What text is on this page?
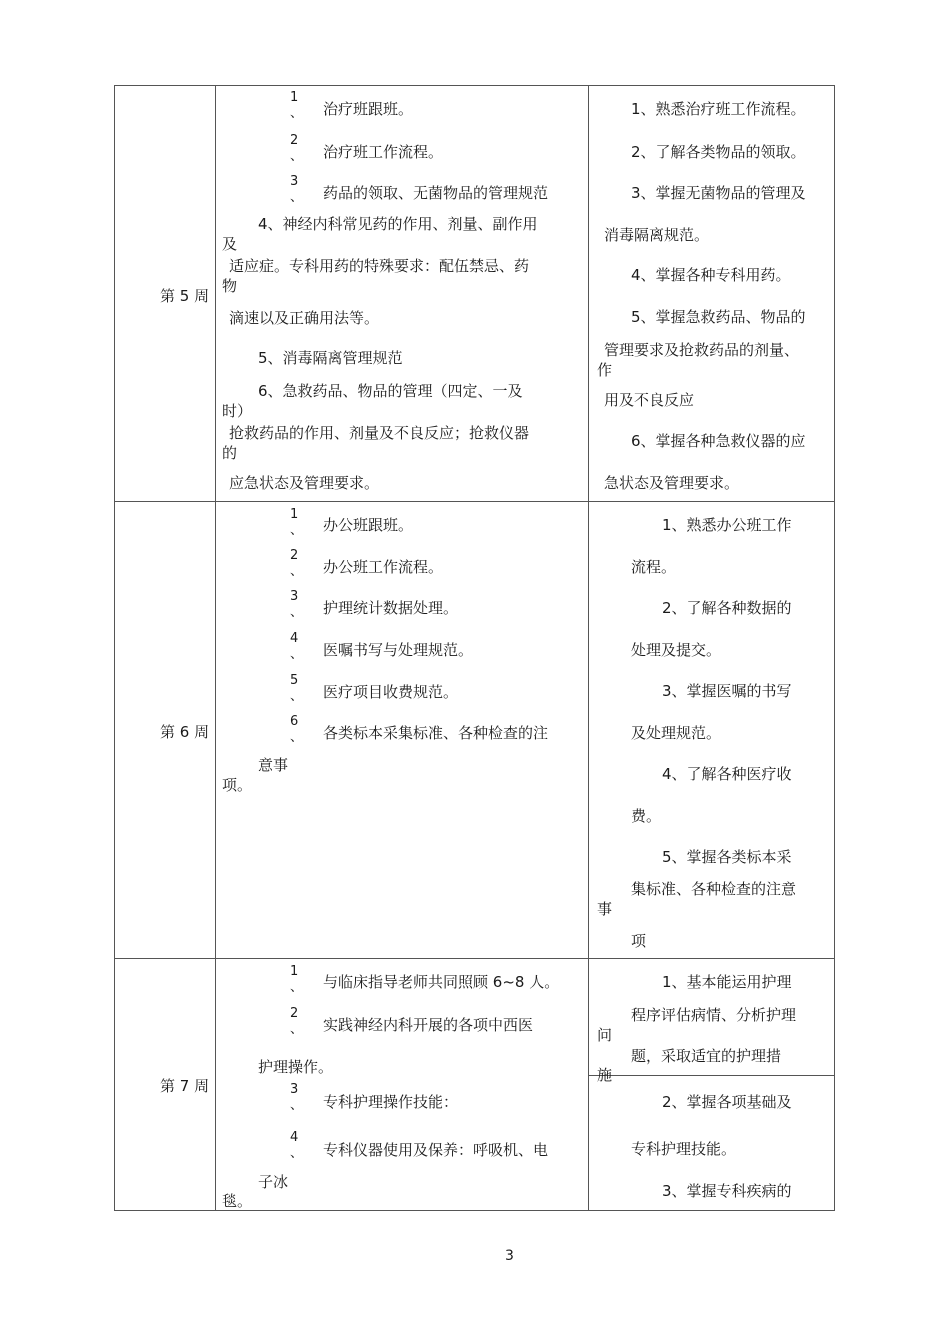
第 5 周
1
、 治疗班跟班。
2
、 治疗班工作流程。
3
、 药品的领取、无菌物品的管理规范
4、神经内科常见药的作用、剂量、副作用
及
适应症。专科用药的特殊要求：配伍禁忌、药
物
滴速以及正确用法等。
5、消毒隔离管理规范
6、急救药品、物品的管理（四定、一及
时）
抢救药品的作用、剂量及不良反应；抢救仪器
的
应急状态及管理要求。
1、熟悉治疗班工作流程。
2、了解各类物品的领取。
3、掌握无菌物品的管理及
消毒隔离规范。
4、掌握各种专科用药。
5、掌握急救药品、物品的
管理要求及抢救药品的剂量、
作
用及不良反应
6、掌握各种急救仪器的应
急状态及管理要求。
第 6 周
1
、 办公班跟班。
2
、 办公班工作流程。
3
、 护理统计数据处理。
4
、 医嘱书写与处理规范。
5
、 医疗项目收费规范。
6
、 各类标本采集标准、各种检查的注
意事
项。
1、熟悉办公班工作
流程。
2、了解各种数据的
处理及提交。
3、掌握医嘱的书写
及处理规范。
4、了解各种医疗收
费。
5、掌握各类标本采
集标准、各种检查的注意
事
项
第 7 周
1
、 与临床指导老师共同照顾 6~8 人。
2
、 实践神经内科开展的各项中西医
护理操作。
3
、 专科护理操作技能：
4
、 专科仪器使用及保养：呼吸机、电
子冰
毯。
1、基本能运用护理
程序评估病情、分析护理
问
题，采取适宜的护理措
施
2、掌握各项基础及
专科护理技能。
3、掌握专科疾病的
3
